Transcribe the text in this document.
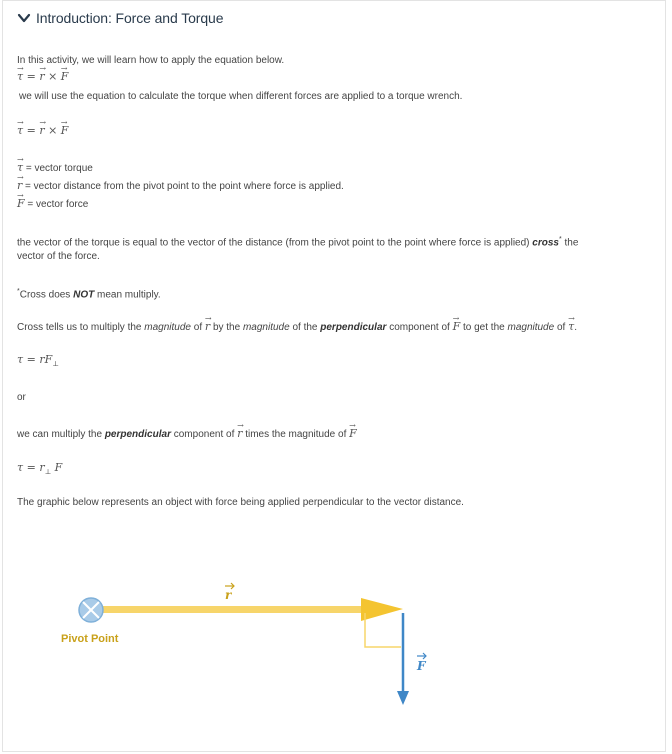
Introduction: Force and Torque
In this activity, we will learn how to apply the equation below.
→ τ = → r × → F
we will use the equation to calculate the torque when different forces are applied to a torque wrench.
→ τ = → r × → F
→ τ = vector torque
→ r = vector distance from the pivot point to the point where force is applied.
→ F = vector force
the vector of the torque is equal to the vector of the distance (from the pivot point to the point where force is applied) cross* the
vector of the force.
*Cross does NOT mean multiply.
Cross tells us to multiply the magnitude of → r by the magnitude of the perpendicular component of → F to get the magnitude of → τ.
$\tau = rF_\perp$
or
we can multiply the perpendicular component of → r times the magnitude of → F
$\tau = r_\perp$ F
The graphic below represents an object with force being applied perpendicular to the vector distance.
Pivot Point
r
F
